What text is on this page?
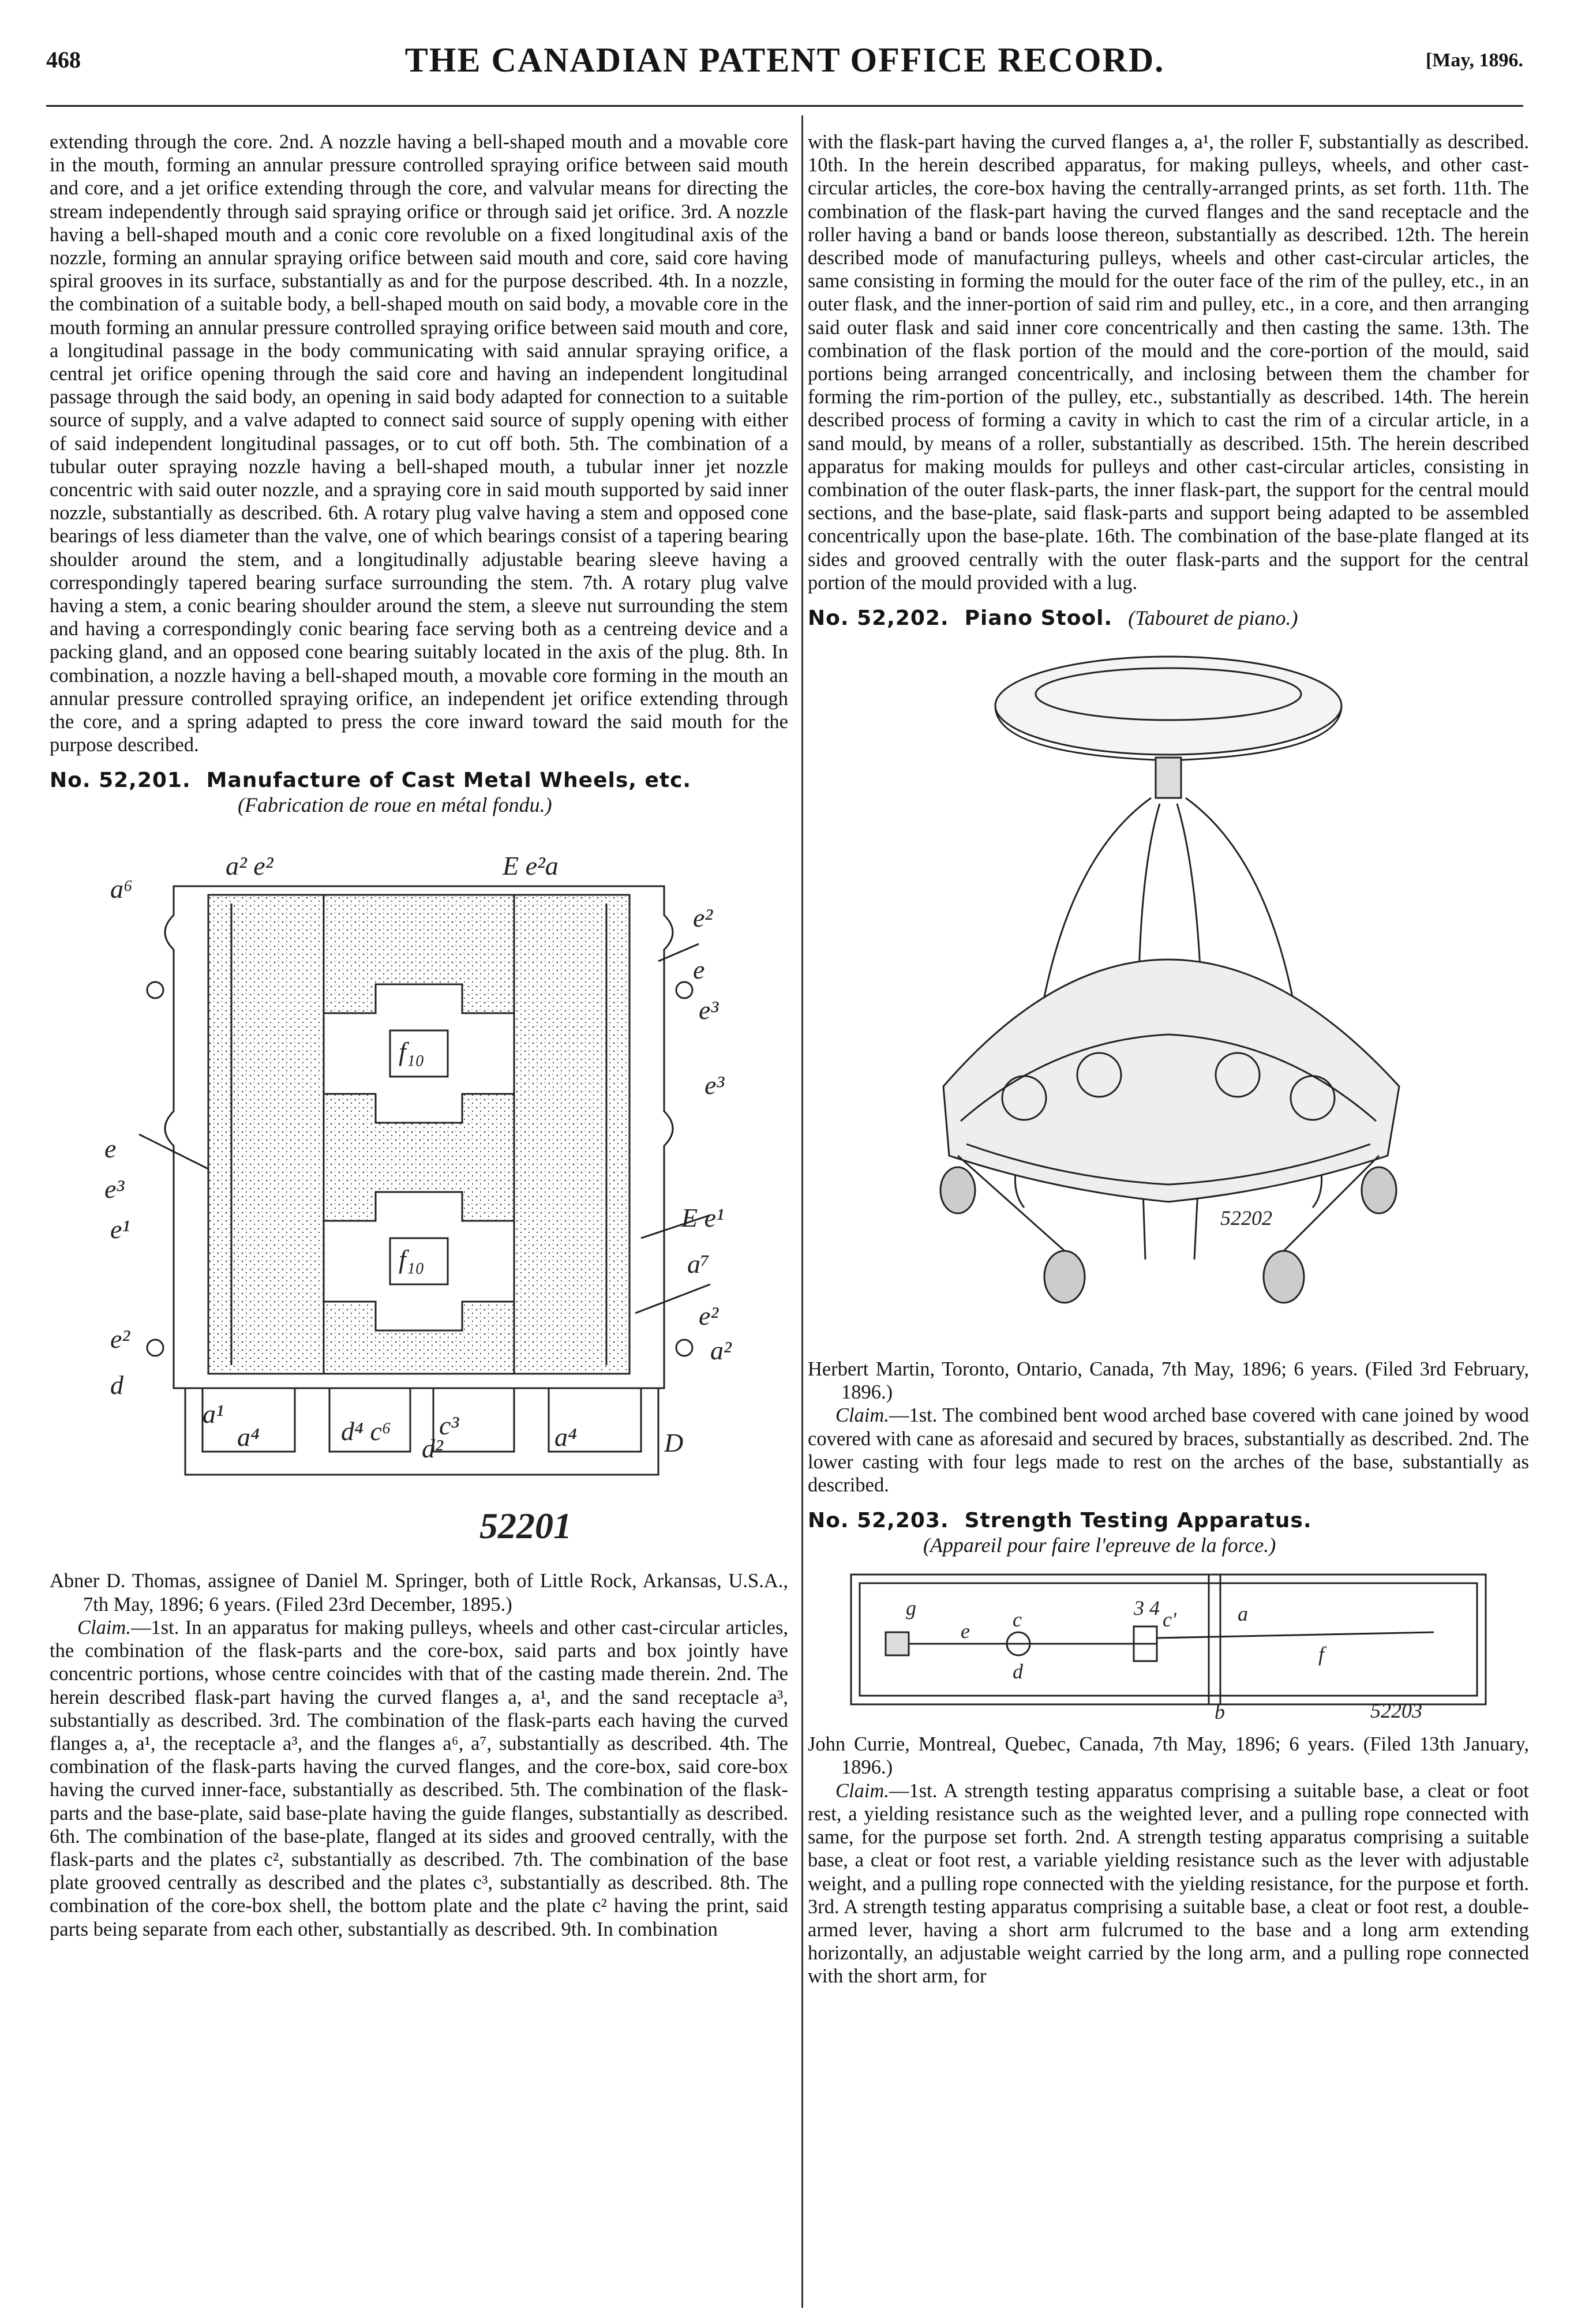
468	THE CANADIAN PATENT OFFICE RECORD.	[May, 1896.

extending through the core. 2nd. A nozzle having a bell-shaped mouth and a movable core in the mouth, forming an annular pressure controlled spraying orifice between said mouth and core, and a jet orifice extending through the core, and valvular means for directing the stream independently through said spraying orifice or through said jet orifice. 3rd. A nozzle having a bell-shaped mouth and a conic core revoluble on a fixed longitudinal axis of the nozzle, forming an annular spraying orifice between said mouth and core, said core having spiral grooves in its surface, substantially as and for the purpose described. 4th. In a nozzle, the combination of a suitable body, a bell-shaped mouth on said body, a movable core in the mouth forming an annular pressure controlled spraying orifice between said mouth and core, a longitudinal passage in the body communicating with said annular spraying orifice, a central jet orifice opening through the said core and having an independent longitudinal passage through the said body, an opening in said body adapted for connection to a suitable source of supply, and a valve adapted to connect said source of supply opening with either of said independent longitudinal passages, or to cut off both. 5th. The combination of a tubular outer spraying nozzle having a bell-shaped mouth, a tubular inner jet nozzle concentric with said outer nozzle, and a spraying core in said mouth supported by said inner nozzle, substantially as described. 6th. A rotary plug valve having a stem and opposed cone bearings of less diameter than the valve, one of which bearings consist of a tapering bearing shoulder around the stem, and a longitudinally adjustable bearing sleeve having a correspondingly tapered bearing surface surrounding the stem. 7th. A rotary plug valve having a stem, a conic bearing shoulder around the stem, a sleeve nut surrounding the stem and having a correspondingly conic bearing face serving both as a centreing device and a packing gland, and an opposed cone bearing suitably located in the axis of the plug. 8th. In combination, a nozzle having a bell-shaped mouth, a movable core forming in the mouth an annular pressure controlled spraying orifice, an independent jet orifice extending through the core, and a spring adapted to press the core inward toward the said mouth for the purpose described.

No. 52,201. Manufacture of Cast Metal Wheels, etc.
(Fabrication de roue en métal fondu.)
f₁₀
f₁₀
a² e²	E e²a
a⁶
e²
e
e³
e³
e
e³
e¹	E e¹
a⁷
e²
a²
e²
d
a¹
a⁴	d⁴ c⁶ c³
d²	a⁴	D
52201

Abner D. Thomas, assignee of Daniel M. Springer, both of Little Rock, Arkansas, U.S.A., 7th May, 1896; 6 years. (Filed 23rd December, 1895.)

Claim.—1st. In an apparatus for making pulleys, wheels and other cast-circular articles, the combination of the flask-parts and the core-box, said parts and box jointly have concentric portions, whose centre coincides with that of the casting made therein. 2nd. The herein described flask-part having the curved flanges a, a¹, and the sand receptacle a³, substantially as described. 3rd. The combination of the flask-parts each having the curved flanges a, a¹, the receptacle a³, and the flanges a⁶, a⁷, substantially as described. 4th. The combination of the flask-parts having the curved flanges, and the core-box, said core-box having the curved inner-face, substantially as described. 5th. The combination of the flask-parts and the base-plate, said base-plate having the guide flanges, substantially as described. 6th. The combination of the base-plate, flanged at its sides and grooved centrally, with the flask-parts and the plates c², substantially as described. 7th. The combination of the base plate grooved centrally as described and the plates c³, substantially as described. 8th. The combination of the core-box shell, the bottom plate and the plate c² having the print, said parts being separate from each other, substantially as described. 9th. In combination

with the flask-part having the curved flanges a, a¹, the roller F, substantially as described. 10th. In the herein described apparatus, for making pulleys, wheels, and other cast-circular articles, the core-box having the centrally-arranged prints, as set forth. 11th. The combination of the flask-part having the curved flanges and the sand receptacle and the roller having a band or bands loose thereon, substantially as described. 12th. The herein described mode of manufacturing pulleys, wheels and other cast-circular articles, the same consisting in forming the mould for the outer face of the rim of the pulley, etc., in an outer flask, and the inner-portion of said rim and pulley, etc., in a core, and then arranging said outer flask and said inner core concentrically and then casting the same. 13th. The combination of the flask portion of the mould and the core-portion of the mould, said portions being arranged concentrically, and inclosing between them the chamber for forming the rim-portion of the pulley, etc., substantially as described. 14th. The herein described process of forming a cavity in which to cast the rim of a circular article, in a sand mould, by means of a roller, substantially as described. 15th. The herein described apparatus for making moulds for pulleys and other cast-circular articles, consisting in combination of the outer flask-parts, the inner flask-part, the support for the central mould sections, and the base-plate, said flask-parts and support being adapted to be assembled concentrically upon the base-plate. 16th. The combination of the base-plate flanged at its sides and grooved centrally with the outer flask-parts and the support for the central portion of the mould provided with a lug.

No. 52,202. Piano Stool. (Tabouret de piano.)
52202

Herbert Martin, Toronto, Ontario, Canada, 7th May, 1896; 6 years. (Filed 3rd February, 1896.)

Claim.—1st. The combined bent wood arched base covered with cane joined by wood covered with cane as aforesaid and secured by braces, substantially as described. 2nd. The lower casting with four legs made to rest on the arches of the base, substantially as described.

No. 52,203. Strength Testing Apparatus.
(Appareil pour faire l'epreuve de la force.)
g
e c
d
3 4 c'	a
f
b	52203

John Currie, Montreal, Quebec, Canada, 7th May, 1896; 6 years. (Filed 13th January, 1896.)

Claim.—1st. A strength testing apparatus comprising a suitable base, a cleat or foot rest, a yielding resistance such as the weighted lever, and a pulling rope connected with same, for the purpose set forth. 2nd. A strength testing apparatus comprising a suitable base, a cleat or foot rest, a variable yielding resistance such as the lever with adjustable weight, and a pulling rope connected with the yielding resistance, for the purpose et forth. 3rd. A strength testing apparatus comprising a suitable base, a cleat or foot rest, a double-armed lever, having a short arm fulcrumed to the base and a long arm extending horizontally, an adjustable weight carried by the long arm, and a pulling rope connected with the short arm, for
